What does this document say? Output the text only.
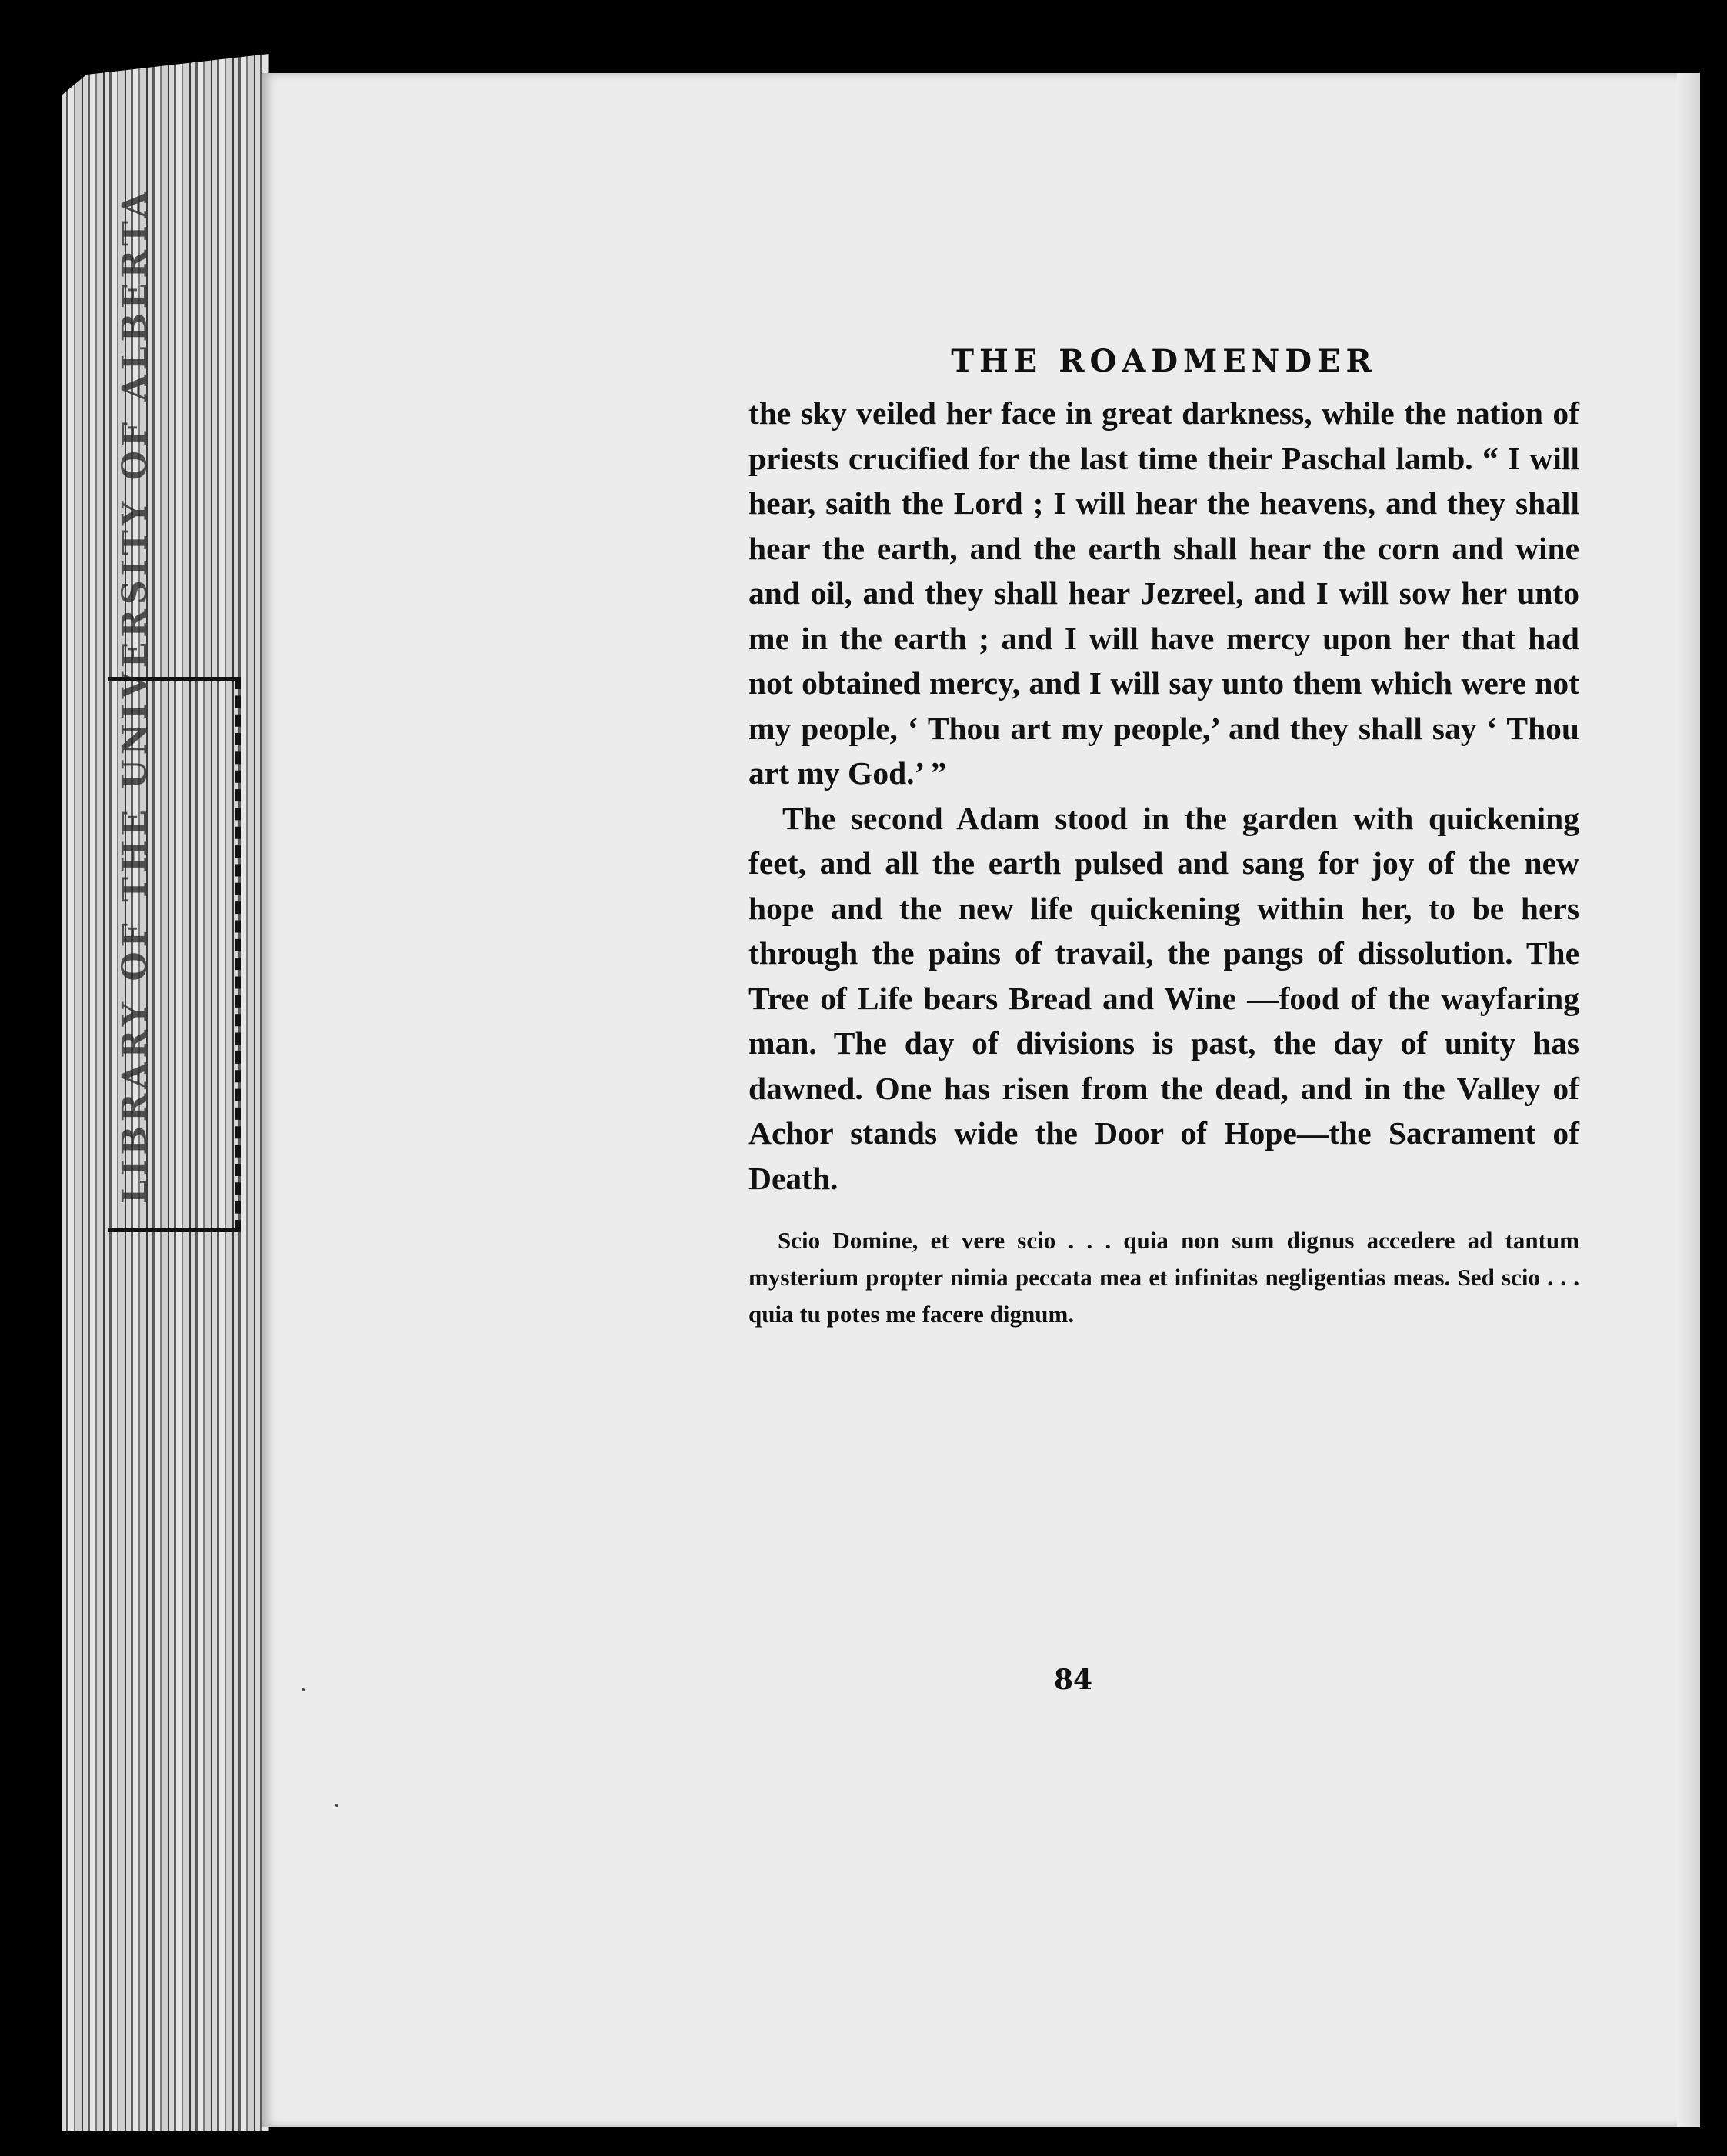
LIBRARY OF THE UNIVERSITY OF ALBERTA	THE ROADMENDER

the sky veiled her face in great darkness, while the nation of priests crucified for the last time their Paschal lamb. “ I will hear, saith the Lord ; I will hear the heavens, and they shall hear the earth, and the earth shall hear the corn and wine and oil, and they shall hear Jezreel, and I will sow her unto me in the earth ; and I will have mercy upon her that had not obtained mercy, and I will say unto them which were not my people, ‘ Thou art my people,’ and they shall say ‘ Thou art my God.’ ”

The second Adam stood in the garden with quickening feet, and all the earth pulsed and sang for joy of the new hope and the new life quickening within her, to be hers through the pains of travail, the pangs of dissolution. The Tree of Life bears Bread and Wine —food of the wayfaring man. The day of divisions is past, the day of unity has dawned. One has risen from the dead, and in the Valley of Achor stands wide the Door of Hope—the Sacrament of Death.

Scio Domine, et vere scio . . . quia non sum dignus accedere ad tantum mysterium propter nimia peccata mea et infinitas negligentias meas. Sed scio . . . quia tu potes me facere dignum.
84
